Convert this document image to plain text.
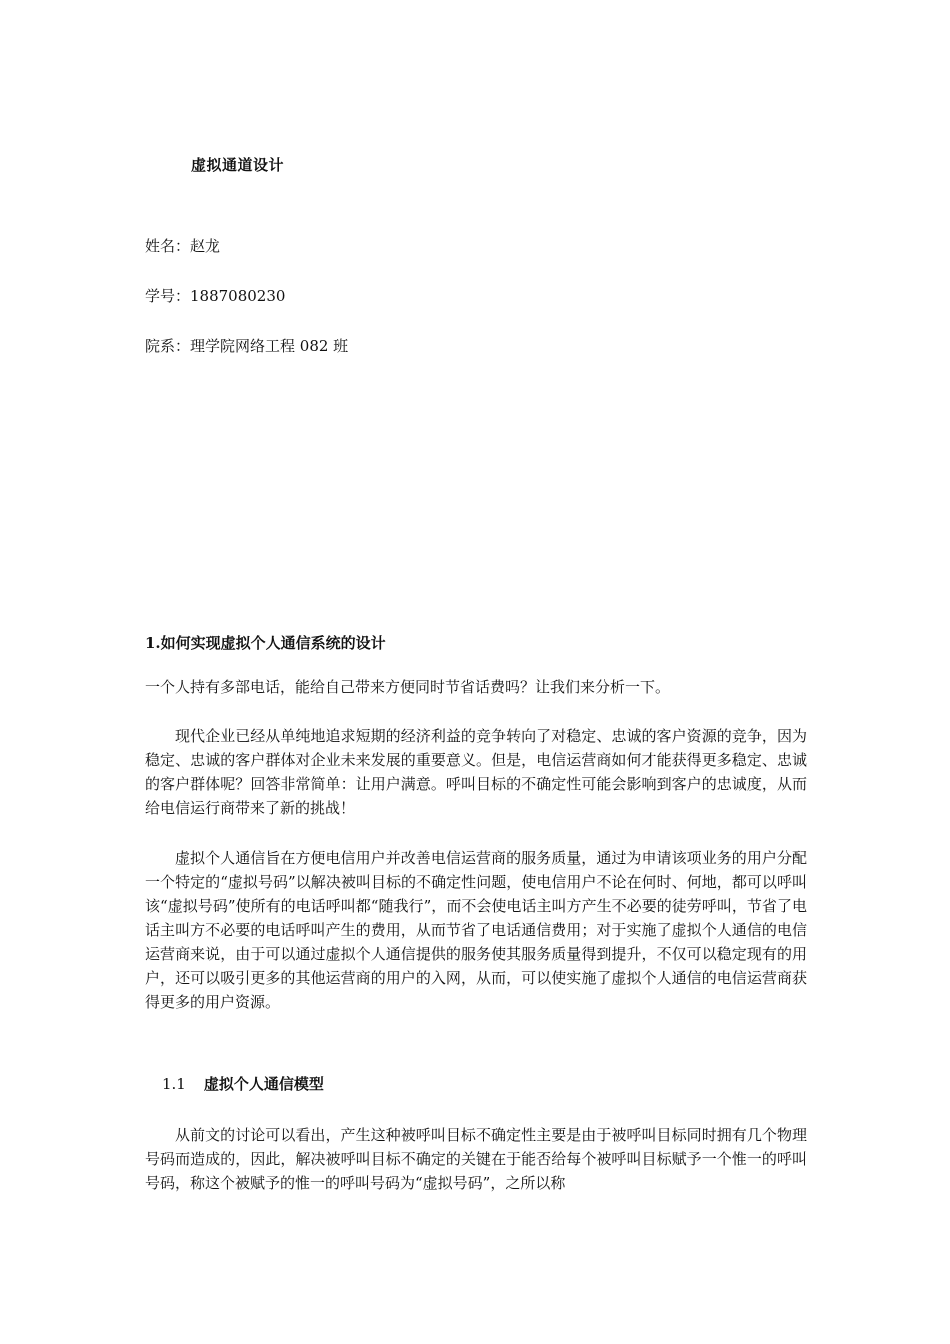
虚拟通道设计
姓名：赵龙
学号：1887080230
院系：理学院网络工程 082 班
1.如何实现虚拟个人通信系统的设计
一个人持有多部电话，能给自己带来方便同时节省话费吗？让我们来分析一下。

现代企业已经从单纯地追求短期的经济利益的竞争转向了对稳定、忠诚的客户资源的竞争，因为稳定、忠诚的客户群体对企业未来发展的重要意义。但是，电信运营商如何才能获得更多稳定、忠诚的客户群体呢？回答非常简单：让用户满意。呼叫目标的不确定性可能会影响到客户的忠诚度，从而给电信运行商带来了新的挑战！

虚拟个人通信旨在方便电信用户并改善电信运营商的服务质量，通过为申请该项业务的用户分配一个特定的“虚拟号码”以解决被叫目标的不确定性问题，使电信用户不论在何时、何地，都可以呼叫该“虚拟号码”使所有的电话呼叫都“随我行”，而不会使电话主叫方产生不必要的徒劳呼叫，节省了电话主叫方不必要的电话呼叫产生的费用，从而节省了电话通信费用；对于实施了虚拟个人通信的电信运营商来说，由于可以通过虚拟个人通信提供的服务使其服务质量得到提升，不仅可以稳定现有的用户，还可以吸引更多的其他运营商的用户的入网，从而，可以使实施了虚拟个人通信的电信运营商获得更多的用户资源。

1.1 虚拟个人通信模型

从前文的讨论可以看出，产生这种被呼叫目标不确定性主要是由于被呼叫目标同时拥有几个物理号码而造成的，因此，解决被呼叫目标不确定的关键在于能否给每个被呼叫目标赋予一个惟一的呼叫号码，称这个被赋予的惟一的呼叫号码为“虚拟号码”，之所以称
